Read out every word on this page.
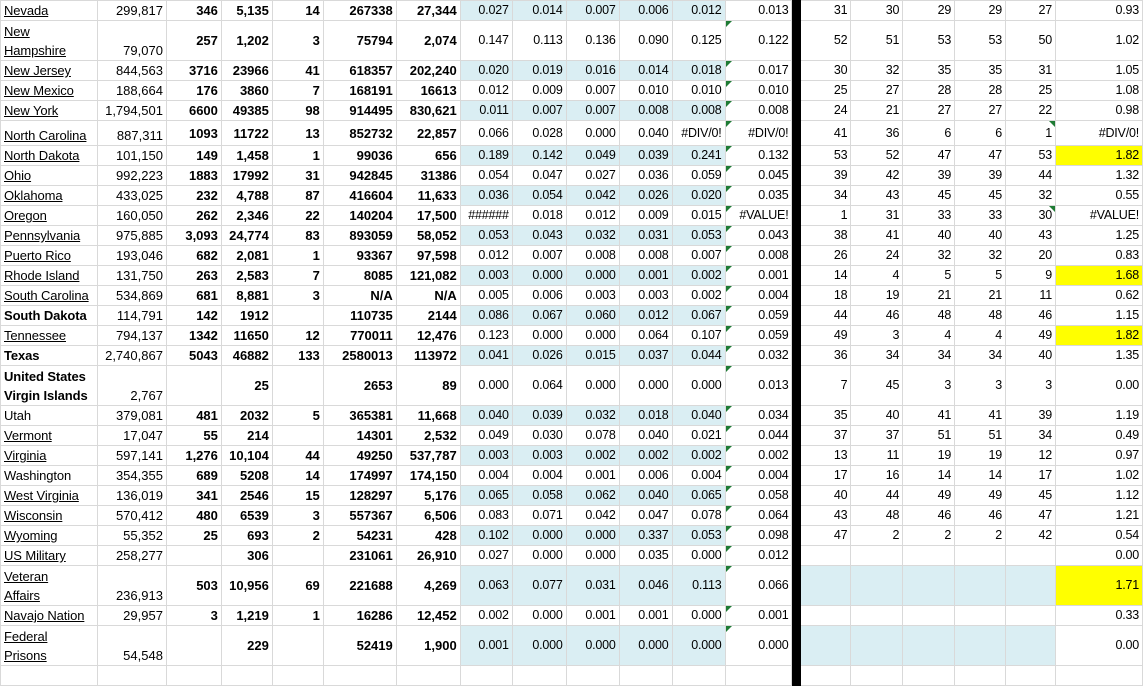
Nevada	299,817	346	5,135	14	267338	27,344	0.027	0.014	0.007	0.006	0.012	0.013		31	30	29	29	27	0.93
New
Hampshire	79,070	257	1,202	3	75794	2,074	0.147	0.113	0.136	0.090	0.125	0.122		52	51	53	53	50	1.02
New Jersey	844,563	3716	23966	41	618357	202,240	0.020	0.019	0.016	0.014	0.018	0.017		30	32	35	35	31	1.05
New Mexico	188,664	176	3860	7	168191	16613	0.012	0.009	0.007	0.010	0.010	0.010		25	27	28	28	25	1.08
New York	1,794,501	6600	49385	98	914495	830,621	0.011	0.007	0.007	0.008	0.008	0.008		24	21	27	27	22	0.98
North Carolina	887,311	1093	11722	13	852732	22,857	0.066	0.028	0.000	0.040	#DIV/0!	#DIV/0!		41	36	6	6	1	#DIV/0!
North Dakota	101,150	149	1,458	1	99036	656	0.189	0.142	0.049	0.039	0.241	0.132		53	52	47	47	53	1.82
Ohio	992,223	1883	17992	31	942845	31386	0.054	0.047	0.027	0.036	0.059	0.045		39	42	39	39	44	1.32
Oklahoma	433,025	232	4,788	87	416604	11,633	0.036	0.054	0.042	0.026	0.020	0.035		34	43	45	45	32	0.55
Oregon	160,050	262	2,346	22	140204	17,500	######	0.018	0.012	0.009	0.015	#VALUE!		1	31	33	33	30	#VALUE!
Pennsylvania	975,885	3,093	24,774	83	893059	58,052	0.053	0.043	0.032	0.031	0.053	0.043		38	41	40	40	43	1.25
Puerto Rico	193,046	682	2,081	1	93367	97,598	0.012	0.007	0.008	0.008	0.007	0.008		26	24	32	32	20	0.83
Rhode Island	131,750	263	2,583	7	8085	121,082	0.003	0.000	0.000	0.001	0.002	0.001		14	4	5	5	9	1.68
South Carolina	534,869	681	8,881	3	N/A	N/A	0.005	0.006	0.003	0.003	0.002	0.004		18	19	21	21	11	0.62
South Dakota	114,791	142	1912		110735	2144	0.086	0.067	0.060	0.012	0.067	0.059		44	46	48	48	46	1.15
Tennessee	794,137	1342	11650	12	770011	12,476	0.123	0.000	0.000	0.064	0.107	0.059		49	3	4	4	49	1.82
Texas	2,740,867	5043	46882	133	2580013	113972	0.041	0.026	0.015	0.037	0.044	0.032		36	34	34	34	40	1.35
United States
Virgin Islands	2,767		25		2653	89	0.000	0.064	0.000	0.000	0.000	0.013		7	45	3	3	3	0.00
Utah	379,081	481	2032	5	365381	11,668	0.040	0.039	0.032	0.018	0.040	0.034		35	40	41	41	39	1.19
Vermont	17,047	55	214		14301	2,532	0.049	0.030	0.078	0.040	0.021	0.044		37	37	51	51	34	0.49
Virginia	597,141	1,276	10,104	44	49250	537,787	0.003	0.003	0.002	0.002	0.002	0.002		13	11	19	19	12	0.97
Washington	354,355	689	5208	14	174997	174,150	0.004	0.004	0.001	0.006	0.004	0.004		17	16	14	14	17	1.02
West Virginia	136,019	341	2546	15	128297	5,176	0.065	0.058	0.062	0.040	0.065	0.058		40	44	49	49	45	1.12
Wisconsin	570,412	480	6539	3	557367	6,506	0.083	0.071	0.042	0.047	0.078	0.064		43	48	46	46	47	1.21
Wyoming	55,352	25	693	2	54231	428	0.102	0.000	0.000	0.337	0.053	0.098		47	2	2	2	42	0.54
US Military	258,277		306		231061	26,910	0.027	0.000	0.000	0.035	0.000	0.012							0.00
Veteran
Affairs	236,913	503	10,956	69	221688	4,269	0.063	0.077	0.031	0.046	0.113	0.066							1.71
Navajo Nation	29,957	3	1,219	1	16286	12,452	0.002	0.000	0.001	0.001	0.000	0.001							0.33
Federal
Prisons	54,548		229		52419	1,900	0.001	0.000	0.000	0.000	0.000	0.000							0.00
